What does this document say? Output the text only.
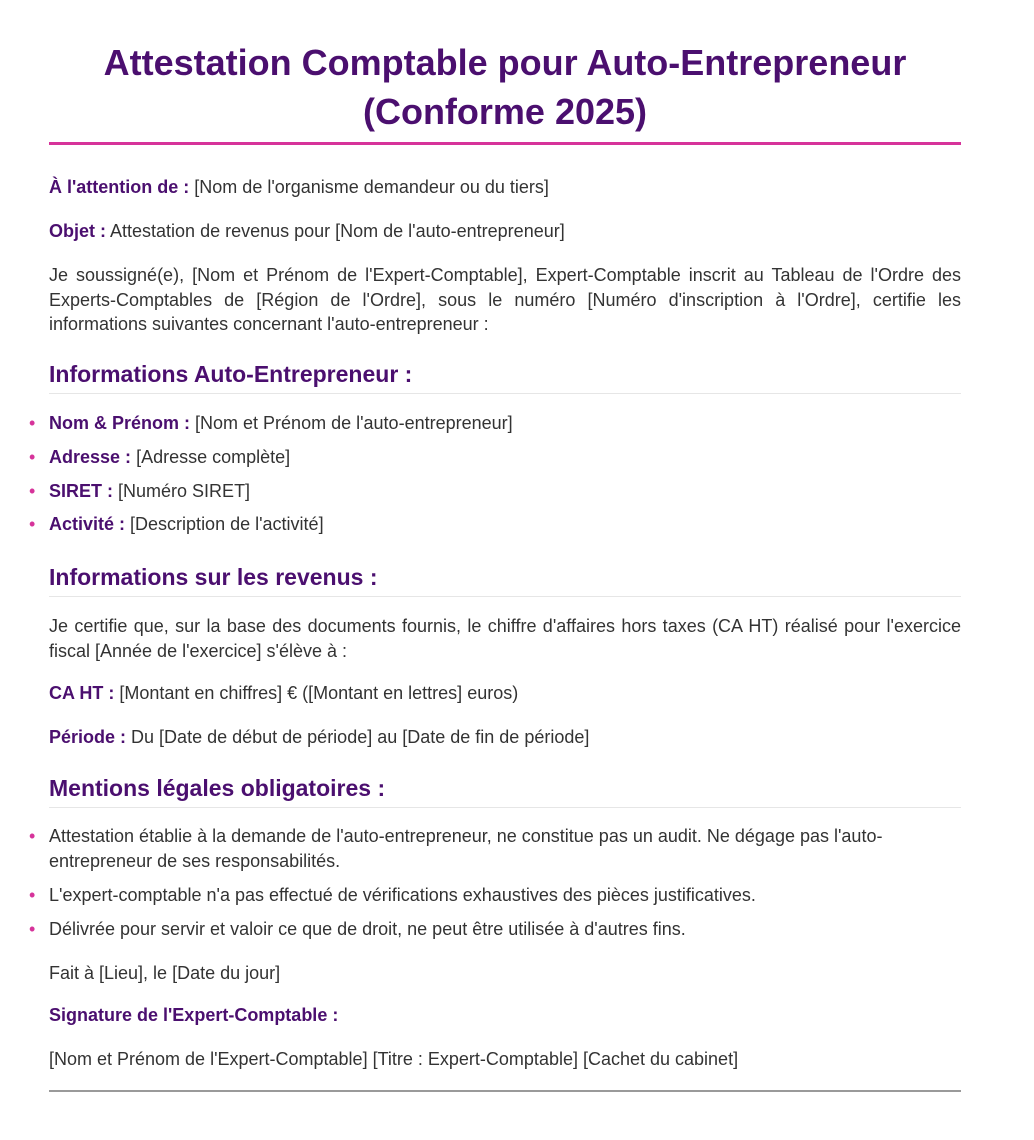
Attestation Comptable pour Auto-Entrepreneur (Conforme 2025)

À l'attention de : [Nom de l'organisme demandeur ou du tiers]

Objet : Attestation de revenus pour [Nom de l'auto-entrepreneur]

Je soussigné(e), [Nom et Prénom de l'Expert-Comptable], Expert-Comptable inscrit au Tableau de l'Ordre des Experts-Comptables de [Région de l'Ordre], sous le numéro [Numéro d'inscription à l'Ordre], certifie les informations suivantes concernant l'auto-entrepreneur :

Informations Auto-Entrepreneur :
• Nom & Prénom : [Nom et Prénom de l'auto-entrepreneur]
• Adresse : [Adresse complète]
• SIRET : [Numéro SIRET]
• Activité : [Description de l'activité]
Informations sur les revenus :

Je certifie que, sur la base des documents fournis, le chiffre d'affaires hors taxes (CA HT) réalisé pour l'exercice fiscal [Année de l'exercice] s'élève à :

CA HT : [Montant en chiffres] € ([Montant en lettres] euros)

Période : Du [Date de début de période] au [Date de fin de période]

Mentions légales obligatoires :
• Attestation établie à la demande de l'auto-entrepreneur, ne constitue pas un audit. Ne dégage pas l'auto-entrepreneur de ses responsabilités.
• L'expert-comptable n'a pas effectué de vérifications exhaustives des pièces justificatives.
• Délivrée pour servir et valoir ce que de droit, ne peut être utilisée à d'autres fins.

Fait à [Lieu], le [Date du jour]

Signature de l'Expert-Comptable :

[Nom et Prénom de l'Expert-Comptable] [Titre : Expert-Comptable] [Cachet du cabinet]
